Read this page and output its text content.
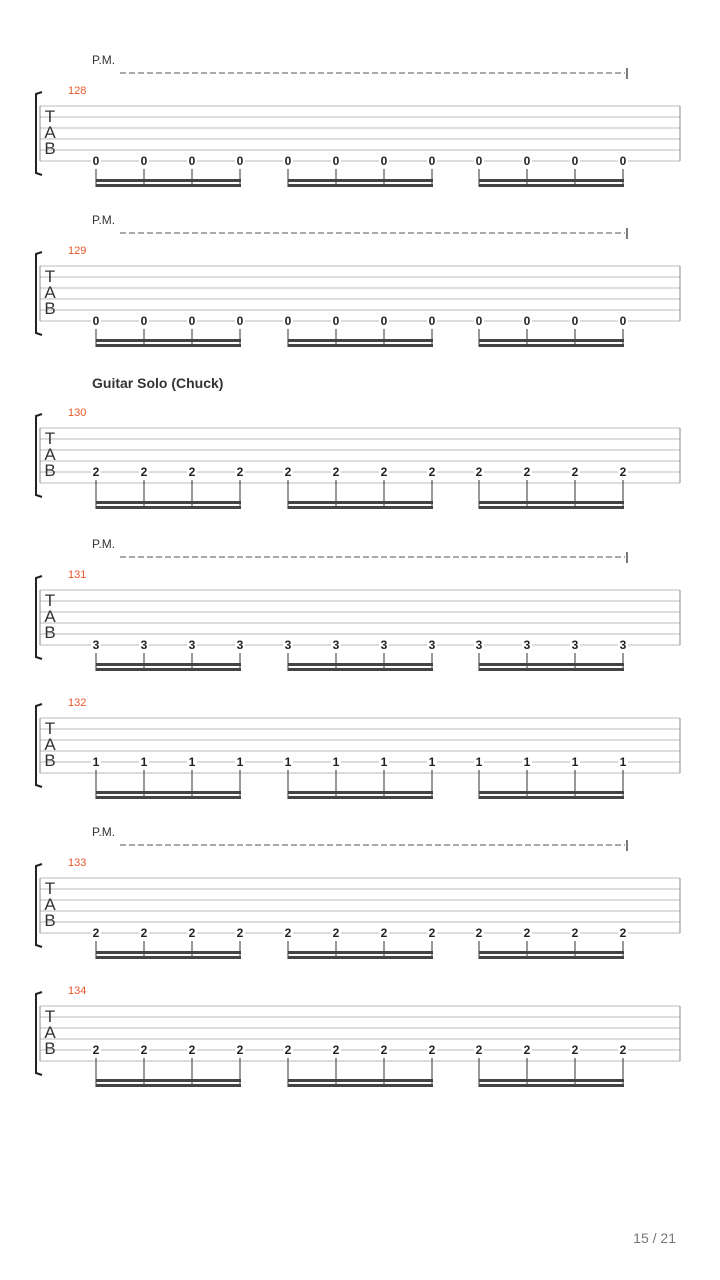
P.M.
128
T
A
B
0	0	0	0	0	0	0	0	0	0	0	0
P.M.
129
T
A
B
0	0	0	0	0	0	0	0	0	0	0	0
Guitar Solo (Chuck)
130
T
A
B	2	2	2	2	2	2	2	2	2	2	2	2
P.M.
131
T
A
B
3	3	3	3	3	3	3	3	3	3	3	3
132
T
A
B	1	1	1	1	1	1	1	1	1	1	1	1
P.M.
133
T
A
B
2	2	2	2	2	2	2	2	2	2	2	2
134
T
A
B	2	2	2	2	2	2	2	2	2	2	2	2
15 / 21
